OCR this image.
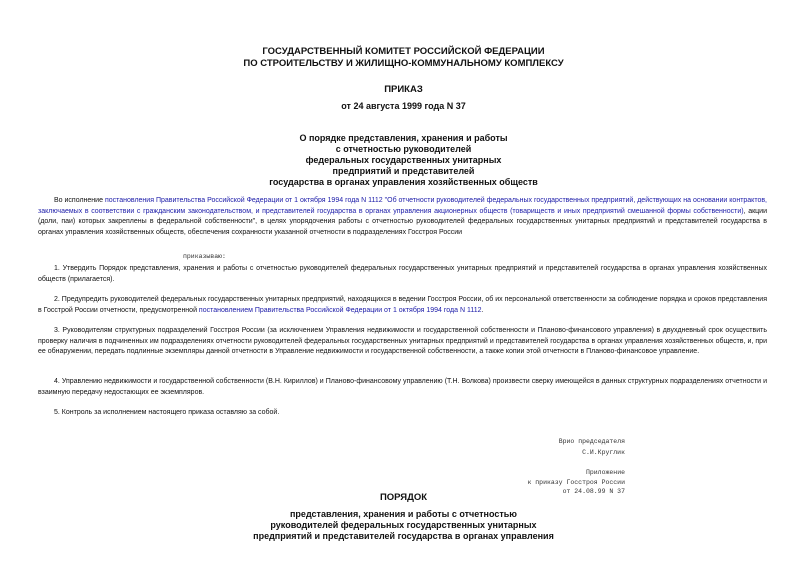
ГОСУДАРСТВЕННЫЙ КОМИТЕТ РОССИЙСКОЙ ФЕДЕРАЦИИ
ПО СТРОИТЕЛЬСТВУ И ЖИЛИЩНО-КОММУНАЛЬНОМУ КОМПЛЕКСУ
ПРИКАЗ
от 24 августа 1999 года N 37
О порядке представления, хранения и работы
с отчетностью руководителей
федеральных государственных унитарных
предприятий и представителей
государства в органах управления хозяйственных обществ
Во исполнение постановления Правительства Российской Федерации от 1 октября 1994 года N 1112 "Об отчетности руководителей федеральных государственных предприятий, действующих на основании контрактов, заключаемых в соответствии с гражданским законодательством, и представителей государства в органах управления акционерных обществ (товариществ и иных предприятий смешанной формы собственности), акции (доли, паи) которых закреплены в федеральной собственности", в целях упорядочения работы с отчетностью руководителей федеральных государственных унитарных предприятий и представителей государства в органах управления хозяйственных обществ, обеспечения сохранности указанной отчетности в подразделениях Госстроя России
приказываю:
1. Утвердить Порядок представления, хранения и работы с отчетностью руководителей федеральных государственных унитарных предприятий и представителей государства в органах управления хозяйственных обществ (прилагается).
2. Предупредить руководителей федеральных государственных унитарных предприятий, находящихся в ведении Госстроя России, об их персональной ответственности за соблюдение порядка и сроков представления в Госстрой России отчетности, предусмотренной постановлением Правительства Российской Федерации от 1 октября 1994 года N 1112.
3. Руководителям структурных подразделений Госстроя России (за исключением Управления недвижимости и государственной собственности и Планово-финансового управления) в двухдневный срок осуществить проверку наличия в подчиненных им подразделениях отчетности руководителей федеральных государственных унитарных предприятий и представителей государства в органах управления хозяйственных обществ, и, при ее обнаружении, передать подлинные экземпляры данной отчетности в Управление недвижимости и государственной собственности, а также копии этой отчетности в Планово-финансовое управление.
4. Управлению недвижимости и государственной собственности (В.Н. Кириллов) и Планово-финансовому управлению (Т.Н. Волкова) произвести сверку имеющейся в данных структурных подразделениях отчетности и взаимную передачу недостающих ее экземпляров.
5. Контроль за исполнением настоящего приказа оставляю за собой.
Врио председателя
С.И.Круглик
Приложение
к приказу Госстроя России
от 24.08.99 N 37
ПОРЯДОК
представления, хранения и работы с отчетностью
руководителей федеральных государственных унитарных
предприятий и представителей государства в органах управления
